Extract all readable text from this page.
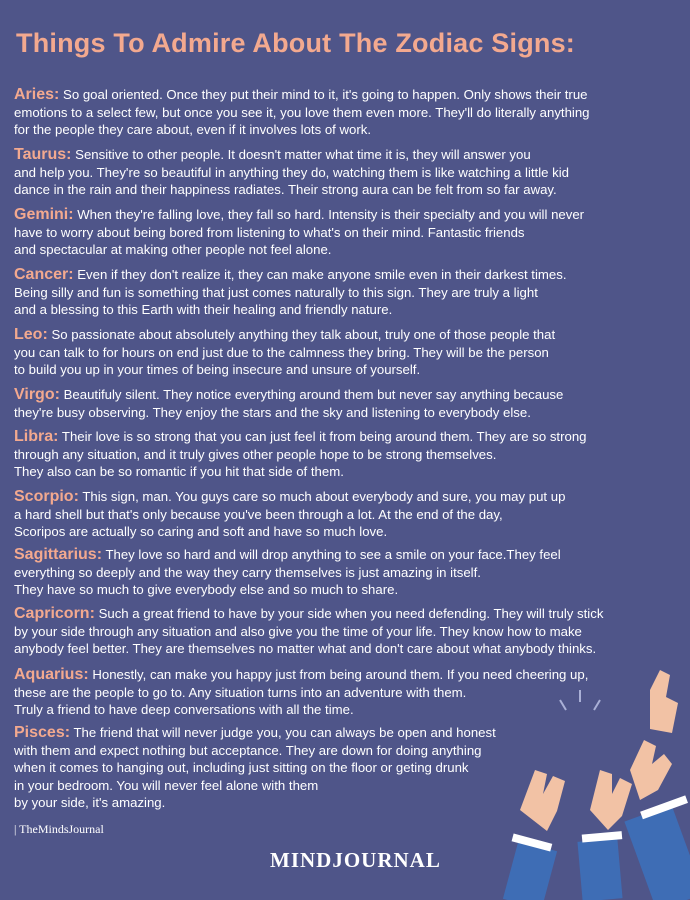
Things To Admire About The Zodiac Signs:
Aries: So goal oriented. Once they put their mind to it, it's going to happen. Only shows their true
emotions to a select few, but once you see it, you love them even more. They'll do literally anything
for the people they care about, even if it involves lots of work.
Taurus: Sensitive to other people. It doesn't matter what time it is, they will answer you
and help you. They're so beautiful in anything they do, watching them is like watching a little kid
dance in the rain and their happiness radiates. Their strong aura can be felt from so far away.
Gemini: When they're falling love, they fall so hard. Intensity is their specialty and you will never
have to worry about being bored from listening to what's on their mind. Fantastic friends
and spectacular at making other people not feel alone.
Cancer: Even if they don't realize it, they can make anyone smile even in their darkest times.
Being silly and fun is something that just comes naturally to this sign. They are truly a light
and a blessing to this Earth with their healing and friendly nature.
Leo: So passionate about absolutely anything they talk about, truly one of those people that
you can talk to for hours on end just due to the calmness they bring. They will be the person
to build you up in your times of being insecure and unsure of yourself.
Virgo: Beautifuly silent. They notice everything around them but never say anything because
they're busy observing. They enjoy the stars and the sky and listening to everybody else.
Libra: Their love is so strong that you can just feel it from being around them. They are so strong
through any situation, and it truly gives other people hope to be strong themselves.
They also can be so romantic if you hit that side of them.
Scorpio: This sign, man. You guys care so much about everybody and sure, you may put up
a hard shell but that's only because you've been through a lot. At the end of the day,
Scoripos are actually so caring and soft and have so much love.
Sagittarius: They love so hard and will drop anything to see a smile on your face.They feel
everything so deeply and the way they carry themselves is just amazing in itself.
They have so much to give everybody else and so much to share.
Capricorn: Such a great friend to have by your side when you need defending. They will truly stick
by your side through any situation and also give you the time of your life. They know how to make
anybody feel better. They are themselves no matter what and don't care about what anybody thinks.
Aquarius: Honestly, can make you happy just from being around them. If you need cheering up,
these are the people to go to. Any situation turns into an adventure with them.
Truly a friend to have deep conversations with all the time.
Pisces: The friend that will never judge you, you can always be open and honest
with them and expect nothing but acceptance. They are down for doing anything
when it comes to hanging out, including just sitting on the floor or geting drunk
in your bedroom. You will never feel alone with them
by your side, it's amazing.
| TheMindsJournal
MINDJOURNAL
